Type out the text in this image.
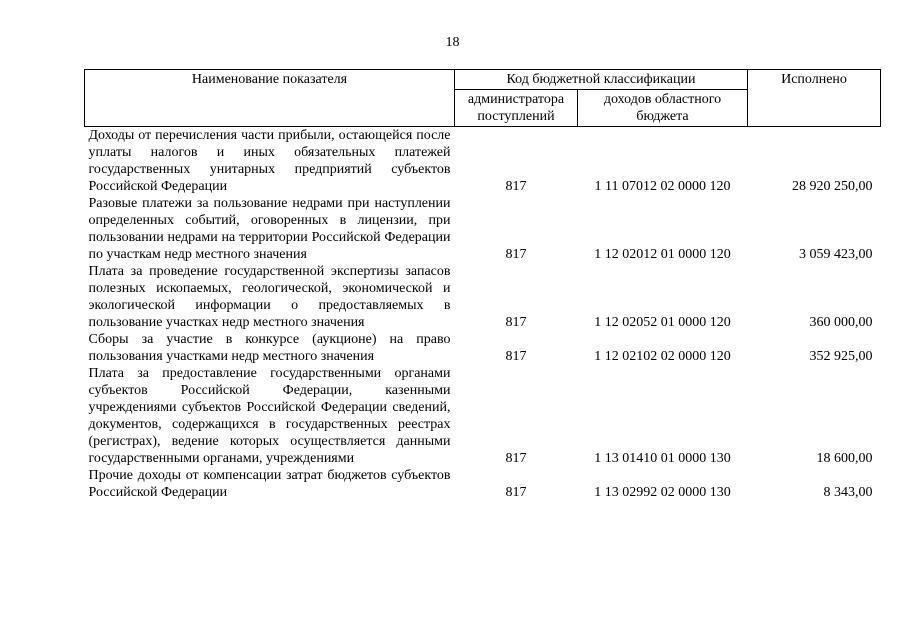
18
Наименование показателя	Код бюджетной классификации		Исполнено
	администратора поступлений	доходов областного бюджета	
Доходы от перечисления части прибыли, остающейся после уплаты налогов и иных обязательных платежей государственных унитарных предприятий субъектов Российской Федерации	817	1 11 07012 02 0000 120	28 920 250,00
Разовые платежи за пользование недрами при наступлении определенных событий, оговоренных в лицензии, при пользовании недрами на территории Российской Федерации по участкам недр местного значения	817	1 12 02012 01 0000 120	3 059 423,00
Плата за проведение государственной экспертизы запасов полезных ископаемых, геологической, экономической и экологической информации о предоставляемых в пользование участках недр местного значения	817	1 12 02052 01 0000 120	360 000,00
Сборы за участие в конкурсе (аукционе) на право пользования участками недр местного значения	817	1 12 02102 02 0000 120	352 925,00
Плата за предоставление государственными органами субъектов Российской Федерации, казенными учреждениями субъектов Российской Федерации сведений, документов, содержащихся в государственных реестрах (регистрах), ведение которых осуществляется данными государственными органами, учреждениями	817	1 13 01410 01 0000 130	18 600,00
Прочие доходы от компенсации затрат бюджетов субъектов Российской Федерации	817	1 13 02992 02 0000 130	8 343,00
